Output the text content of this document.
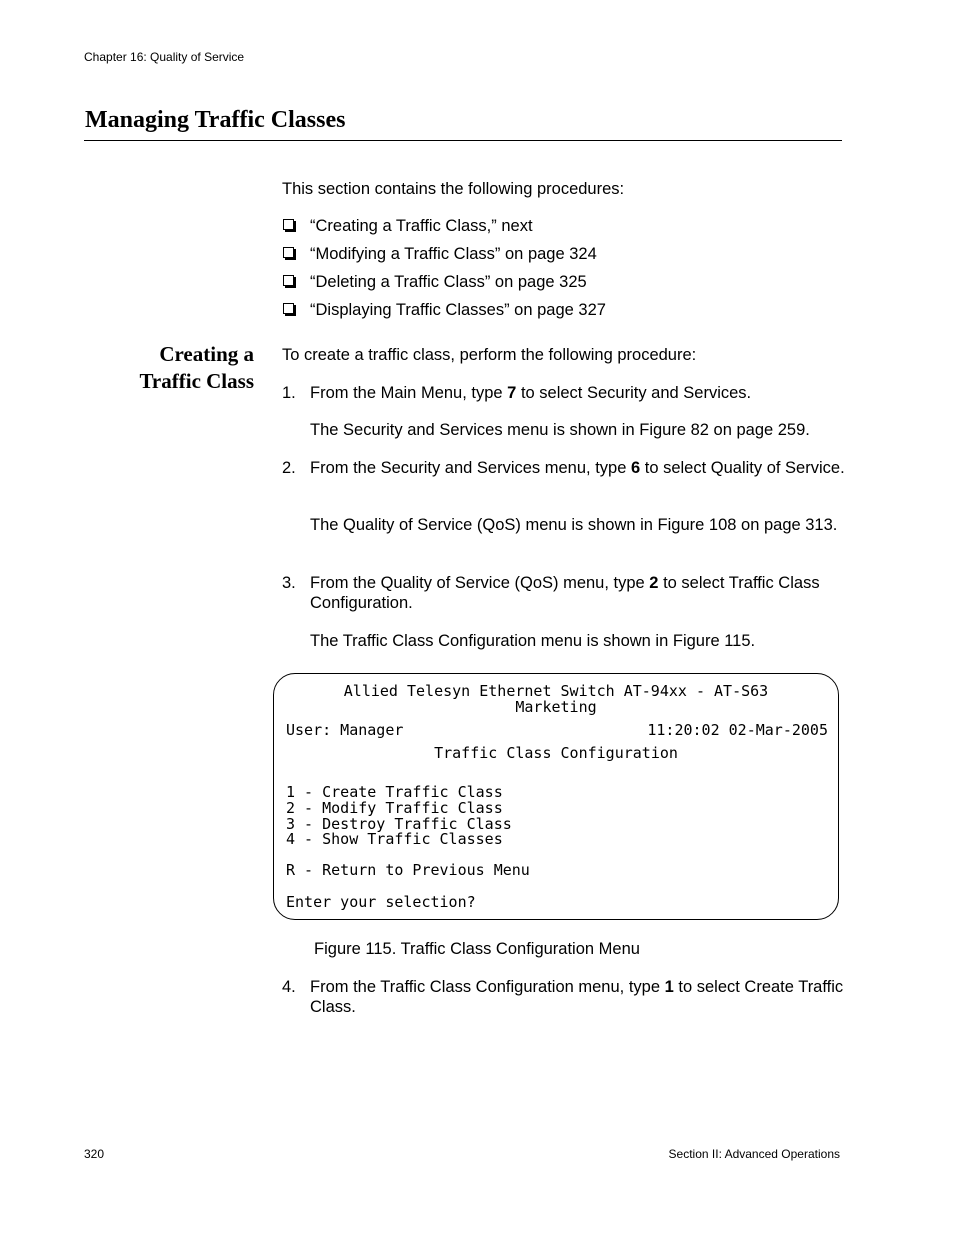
Chapter 16: Quality of Service
Managing Traffic Classes
This section contains the following procedures:
“Creating a Traffic Class,” next
“Modifying a Traffic Class” on page 324
“Deleting a Traffic Class” on page 325
“Displaying Traffic Classes” on page 327
Creating a
Traffic Class
To create a traffic class, perform the following procedure:
1. From the Main Menu, type 7 to select Security and Services.
The Security and Services menu is shown in Figure 82 on page 259.
2. From the Security and Services menu, type 6 to select Quality of Service.
The Quality of Service (QoS) menu is shown in Figure 108 on page 313.
3. From the Quality of Service (QoS) menu, type 2 to select Traffic Class Configuration.
The Traffic Class Configuration menu is shown in Figure 115.
Allied Telesyn Ethernet Switch AT-94xx - AT-S63
Marketing
User: Manager	11:20:02 02-Mar-2005
Traffic Class Configuration
1 - Create Traffic Class
2 - Modify Traffic Class
3 - Destroy Traffic Class
4 - Show Traffic Classes
R - Return to Previous Menu
Enter your selection?
Figure 115. Traffic Class Configuration Menu
4. From the Traffic Class Configuration menu, type 1 to select Create Traffic Class.
320	Section II: Advanced Operations
